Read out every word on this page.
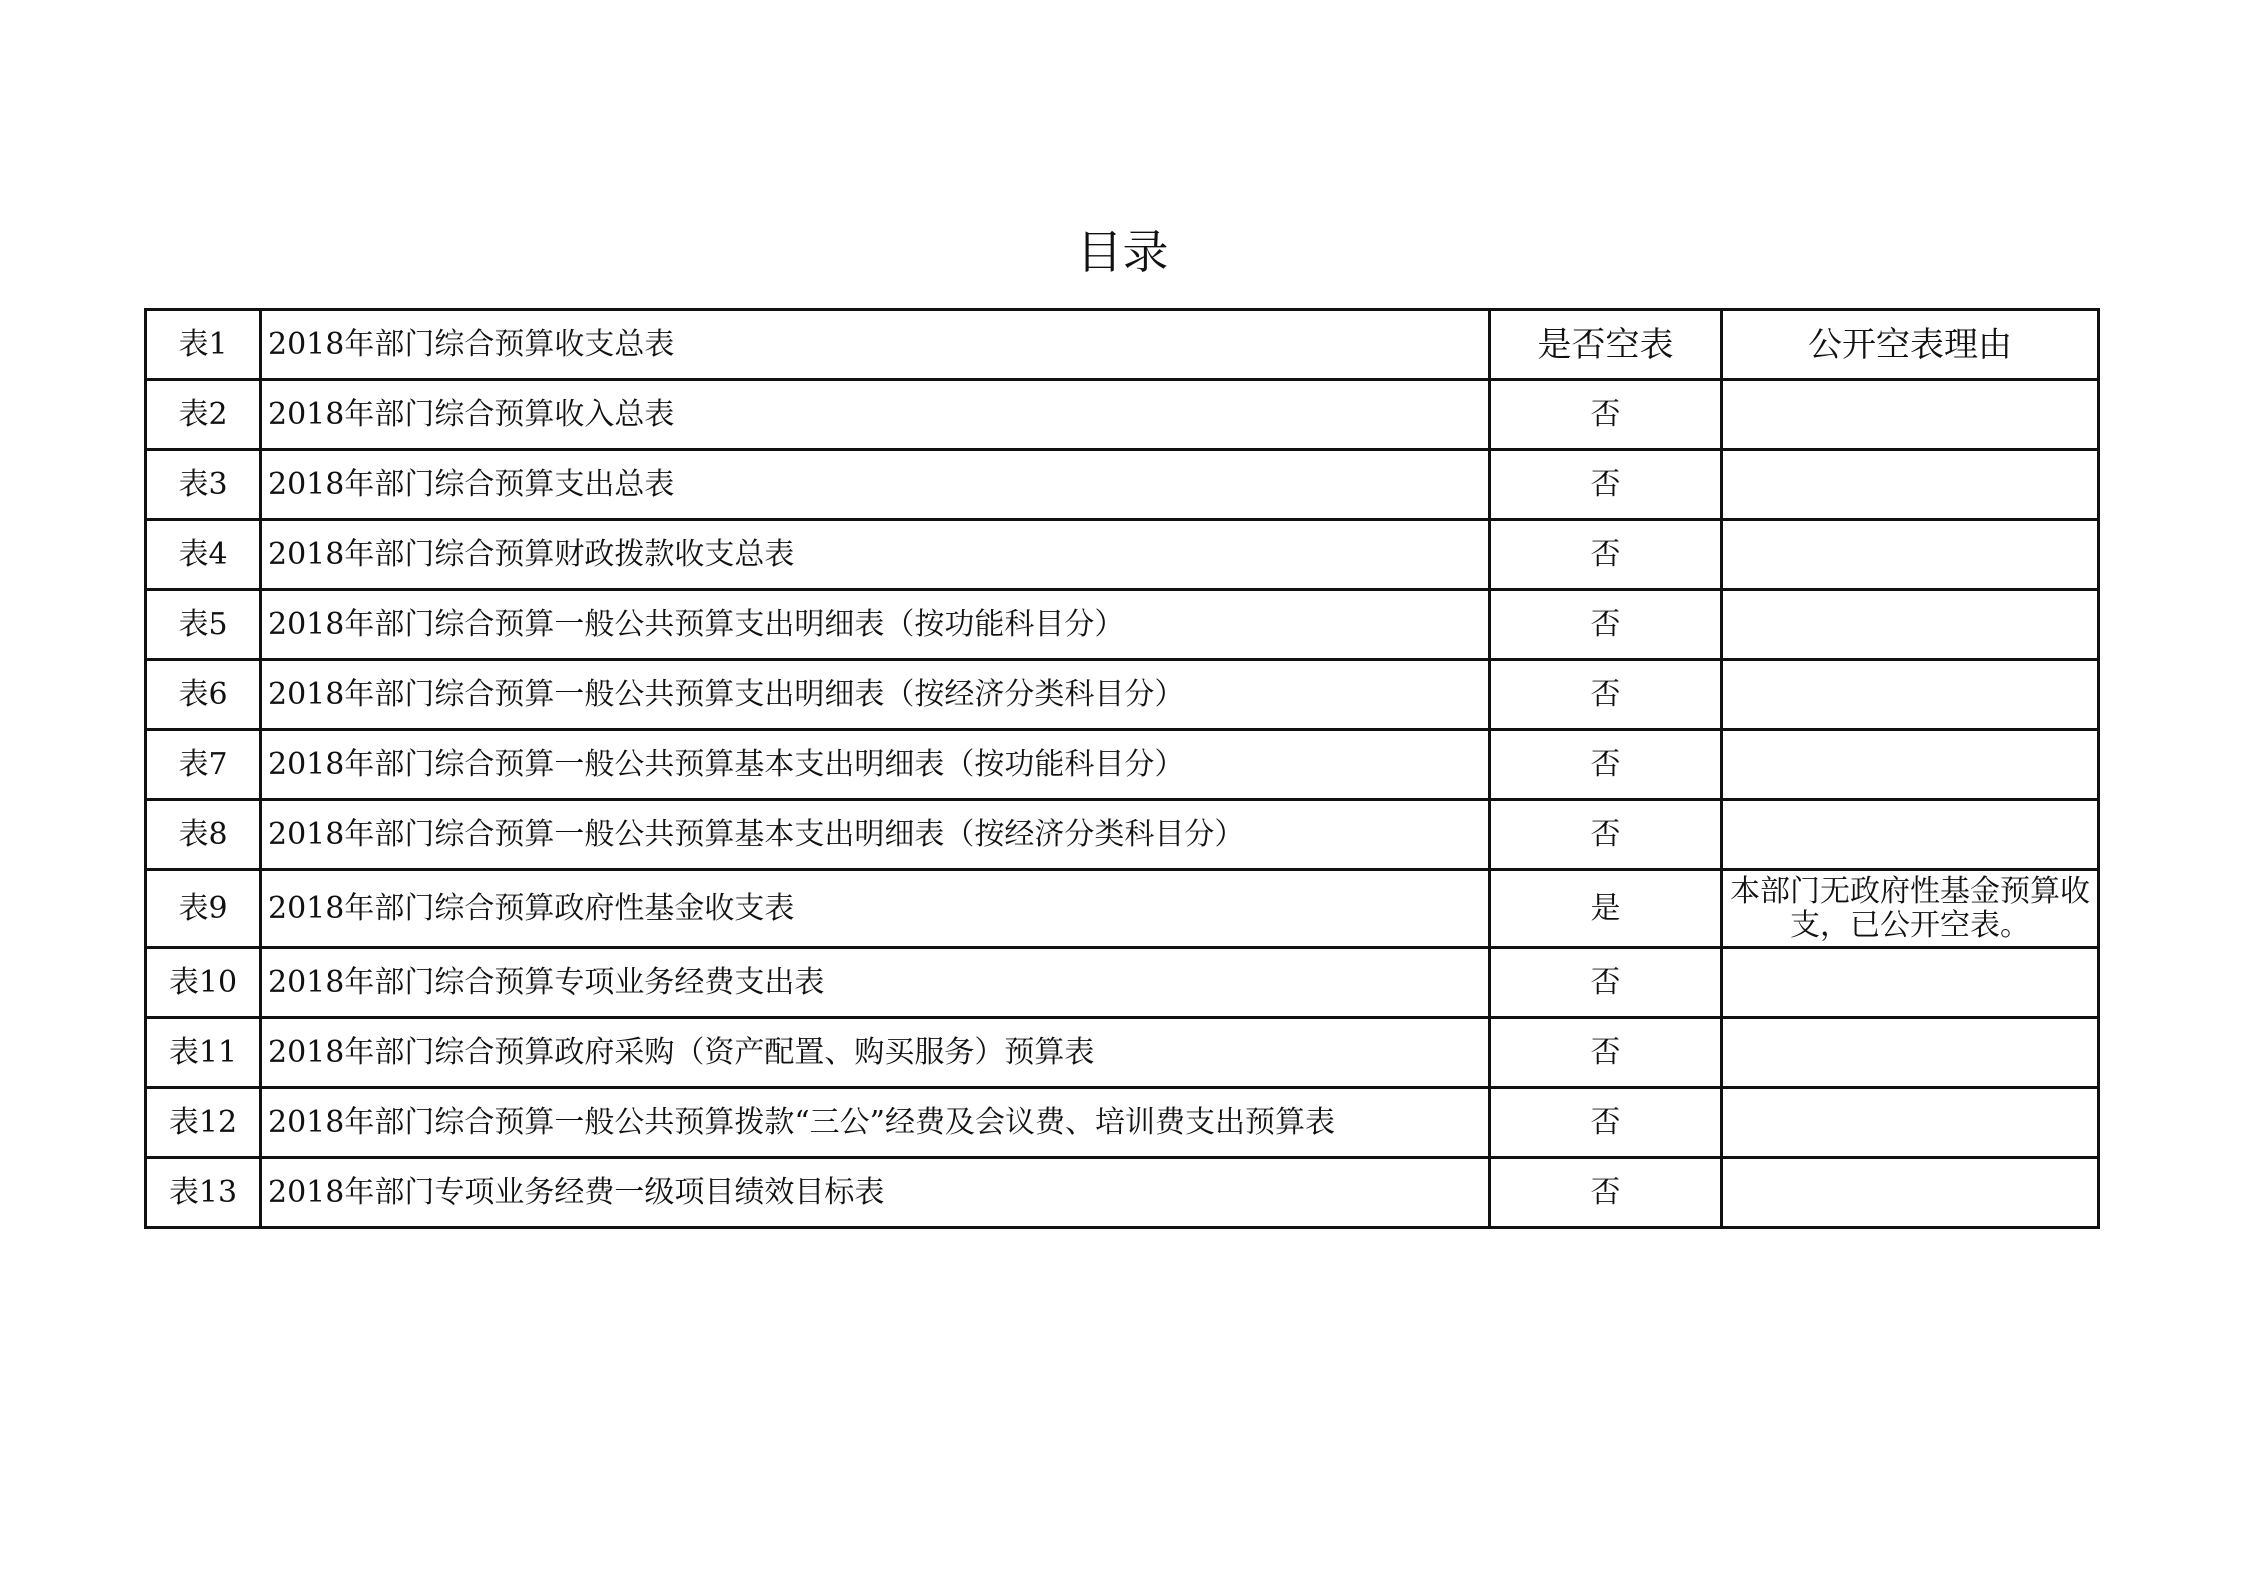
目录
表1	2018年部门综合预算收支总表	是否空表	公开空表理由
表2	2018年部门综合预算收入总表	否	
表3	2018年部门综合预算支出总表	否	
表4	2018年部门综合预算财政拨款收支总表	否	
表5	2018年部门综合预算一般公共预算支出明细表（按功能科目分）	否	
表6	2018年部门综合预算一般公共预算支出明细表（按经济分类科目分）	否	
表7	2018年部门综合预算一般公共预算基本支出明细表（按功能科目分）	否	
表8	2018年部门综合预算一般公共预算基本支出明细表（按经济分类科目分）	否	
表9	2018年部门综合预算政府性基金收支表	是	本部门无政府性基金预算收支，已公开空表。
表10	2018年部门综合预算专项业务经费支出表	否	
表11	2018年部门综合预算政府采购（资产配置、购买服务）预算表	否	
表12	2018年部门综合预算一般公共预算拨款“三公”经费及会议费、培训费支出预算表	否	
表13	2018年部门专项业务经费一级项目绩效目标表	否	
